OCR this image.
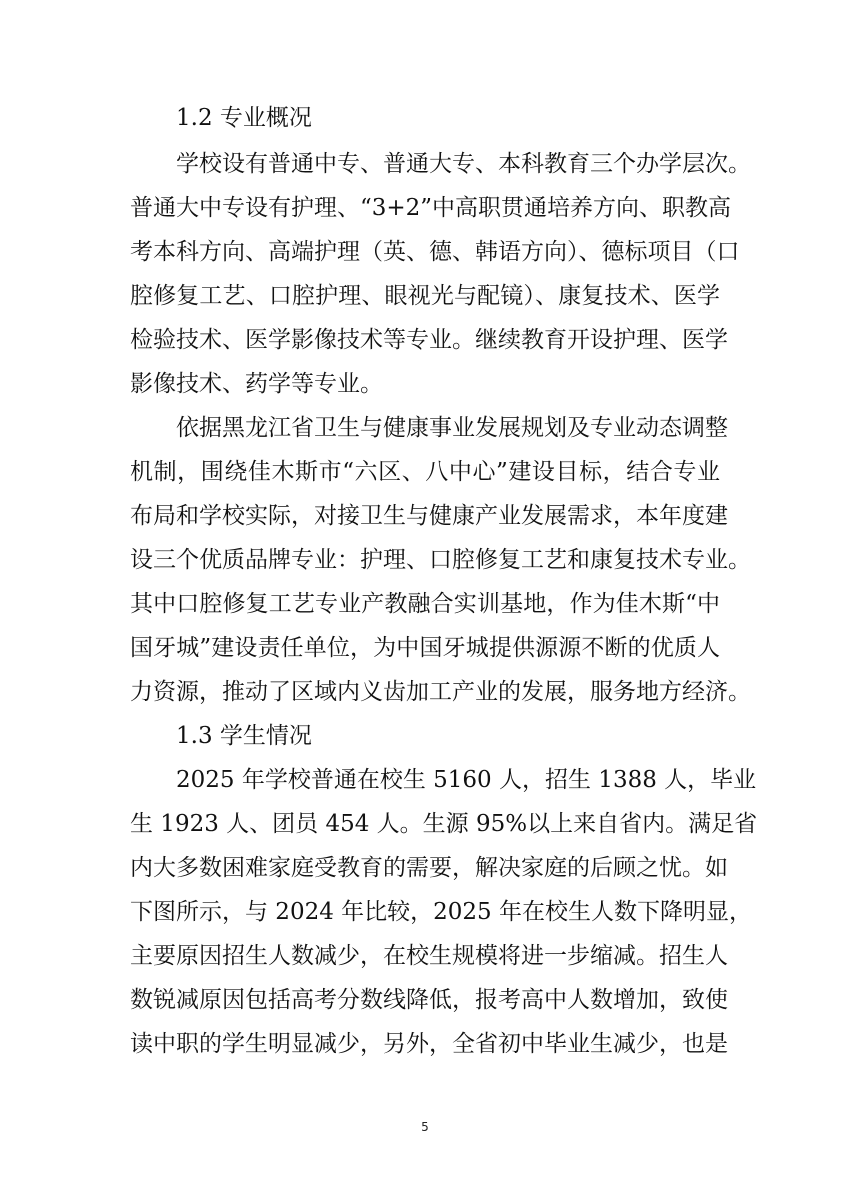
1.2 专业概况
学校设有普通中专、普通大专、本科教育三个办学层次。
普通大中专设有护理、“3+2”中高职贯通培养方向、职教高
考本科方向、高端护理（英、德、韩语方向）、德标项目（口
腔修复工艺、口腔护理、眼视光与配镜）、康复技术、医学
检验技术、医学影像技术等专业。继续教育开设护理、医学
影像技术、药学等专业。
依据黑龙江省卫生与健康事业发展规划及专业动态调整
机制，围绕佳木斯市“六区、八中心”建设目标，结合专业
布局和学校实际，对接卫生与健康产业发展需求，本年度建
设三个优质品牌专业：护理、口腔修复工艺和康复技术专业。
其中口腔修复工艺专业产教融合实训基地，作为佳木斯“中
国牙城”建设责任单位，为中国牙城提供源源不断的优质人
力资源，推动了区域内义齿加工产业的发展，服务地方经济。
1.3 学生情况
2025 年学校普通在校生 5160 人，招生 1388 人，毕业
生 1923 人、团员 454 人。生源 95%以上来自省内。满足省
内大多数困难家庭受教育的需要，解决家庭的后顾之忧。如
下图所示，与 2024 年比较，2025 年在校生人数下降明显，
主要原因招生人数减少，在校生规模将进一步缩减。招生人
数锐减原因包括高考分数线降低，报考高中人数增加，致使
读中职的学生明显减少，另外，全省初中毕业生减少，也是
5
